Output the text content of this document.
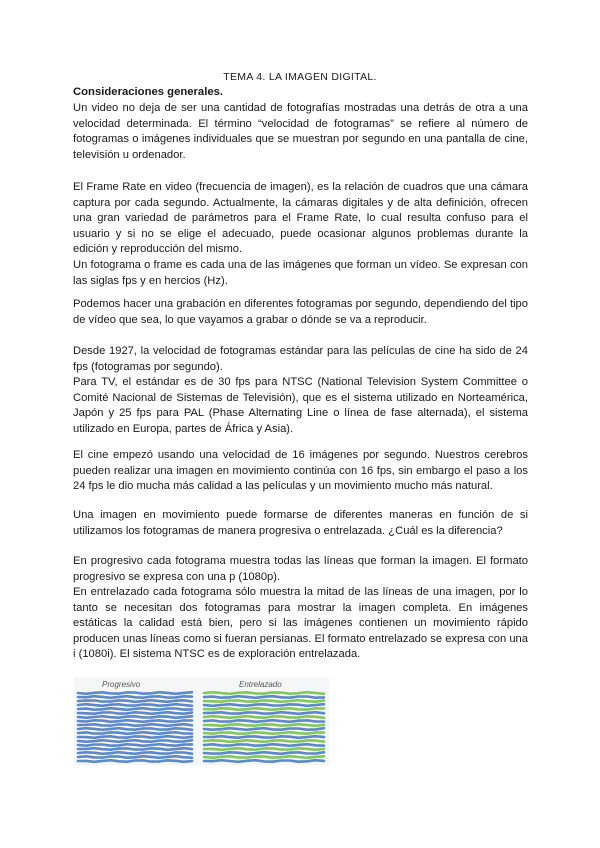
TEMA 4. LA IMAGEN DIGITAL.
Consideraciones generales.

Un video no deja de ser una cantidad de fotografías mostradas una detrás de otra a una velocidad determinada. El término “velocidad de fotogramas” se refiere al número de fotogramas o imágenes individuales que se muestran por segundo en una pantalla de cine, televisión u ordenador.

El Frame Rate en video (frecuencia de imagen), es la relación de cuadros que una cámara captura por cada segundo. Actualmente, la cámaras digitales y de alta definición, ofrecen una gran variedad de parámetros para el Frame Rate, lo cual resulta confuso para el usuario y si no se elige el adecuado, puede ocasionar algunos problemas durante la edición y reproducción del mismo.

Un fotograma o frame es cada una de las imágenes que forman un vídeo. Se expresan con las siglas fps y en hercios (Hz).

Podemos hacer una grabación en diferentes fotogramas por segundo, dependiendo del tipo de vídeo que sea, lo que vayamos a grabar o dónde se va a reproducir.

Desde 1927, la velocidad de fotogramas estándar para las películas de cine ha sido de 24 fps (fotogramas por segundo).

Para TV, el estándar es de 30 fps para NTSC (National Television System Committee o Comité Nacional de Sistemas de Televisión), que es el sistema utilizado en Norteamérica, Japón y 25 fps para PAL (Phase Alternating Line o línea de fase alternada), el sistema utilizado en Europa, partes de África y Asia).

El cine empezó usando una velocidad de 16 imágenes por segundo. Nuestros cerebros pueden realizar una imagen en movimiento continúa con 16 fps, sin embargo el paso a los 24 fps le dio mucha más calidad a las películas y un movimiento mucho más natural.

Una imagen en movimiento puede formarse de diferentes maneras en función de si utilizamos los fotogramas de manera progresiva o entrelazada. ¿Cuál es la diferencia?

En progresivo cada fotograma muestra todas las líneas que forman la imagen. El formato progresivo se expresa con una p (1080p).

En entrelazado cada fotograma sólo muestra la mitad de las líneas de una imagen, por lo tanto se necesitan dos fotogramas para mostrar la imagen completa. En imágenes estáticas la calidad está bien, pero si las imágenes contienen un movimiento rápido producen unas líneas como si fueran persianas. El formato entrelazado se expresa con una i (1080i). El sistema NTSC es de exploración entrelazada.

Progresivo	Entrelazado
